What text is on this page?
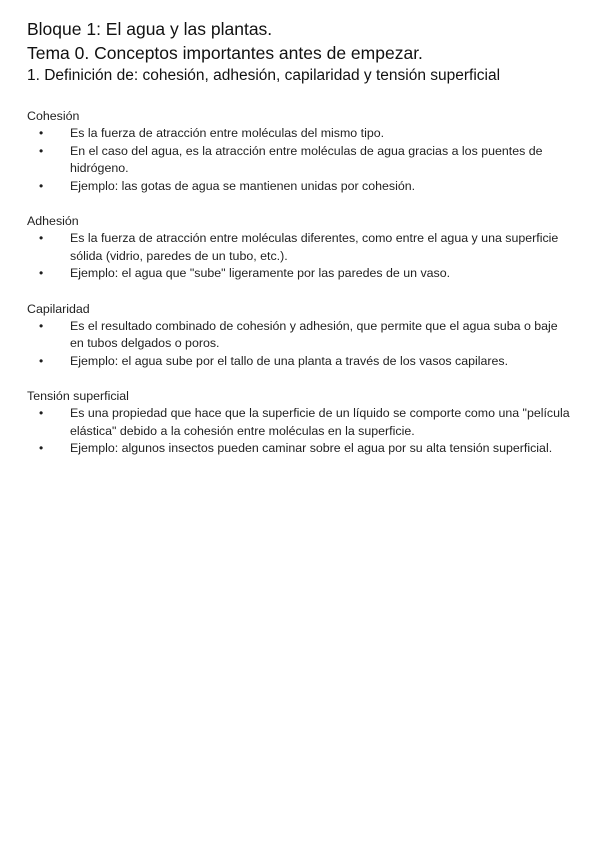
Bloque 1: El agua y las plantas.
Tema 0. Conceptos importantes antes de empezar.
1. Definición de: cohesión, adhesión, capilaridad y tensión superficial

Cohesión

• Es la fuerza de atracción entre moléculas del mismo tipo.
• En el caso del agua, es la atracción entre moléculas de agua gracias a los puentes de hidrógeno.
• Ejemplo: las gotas de agua se mantienen unidas por cohesión.

Adhesión

• Es la fuerza de atracción entre moléculas diferentes, como entre el agua y una superficie sólida (vidrio, paredes de un tubo, etc.).
• Ejemplo: el agua que "sube" ligeramente por las paredes de un vaso.

Capilaridad

• Es el resultado combinado de cohesión y adhesión, que permite que el agua suba o baje en tubos delgados o poros.
• Ejemplo: el agua sube por el tallo de una planta a través de los vasos capilares.

Tensión superficial

• Es una propiedad que hace que la superficie de un líquido se comporte como una "película elástica" debido a la cohesión entre moléculas en la superficie.
• Ejemplo: algunos insectos pueden caminar sobre el agua por su alta tensión superficial.
